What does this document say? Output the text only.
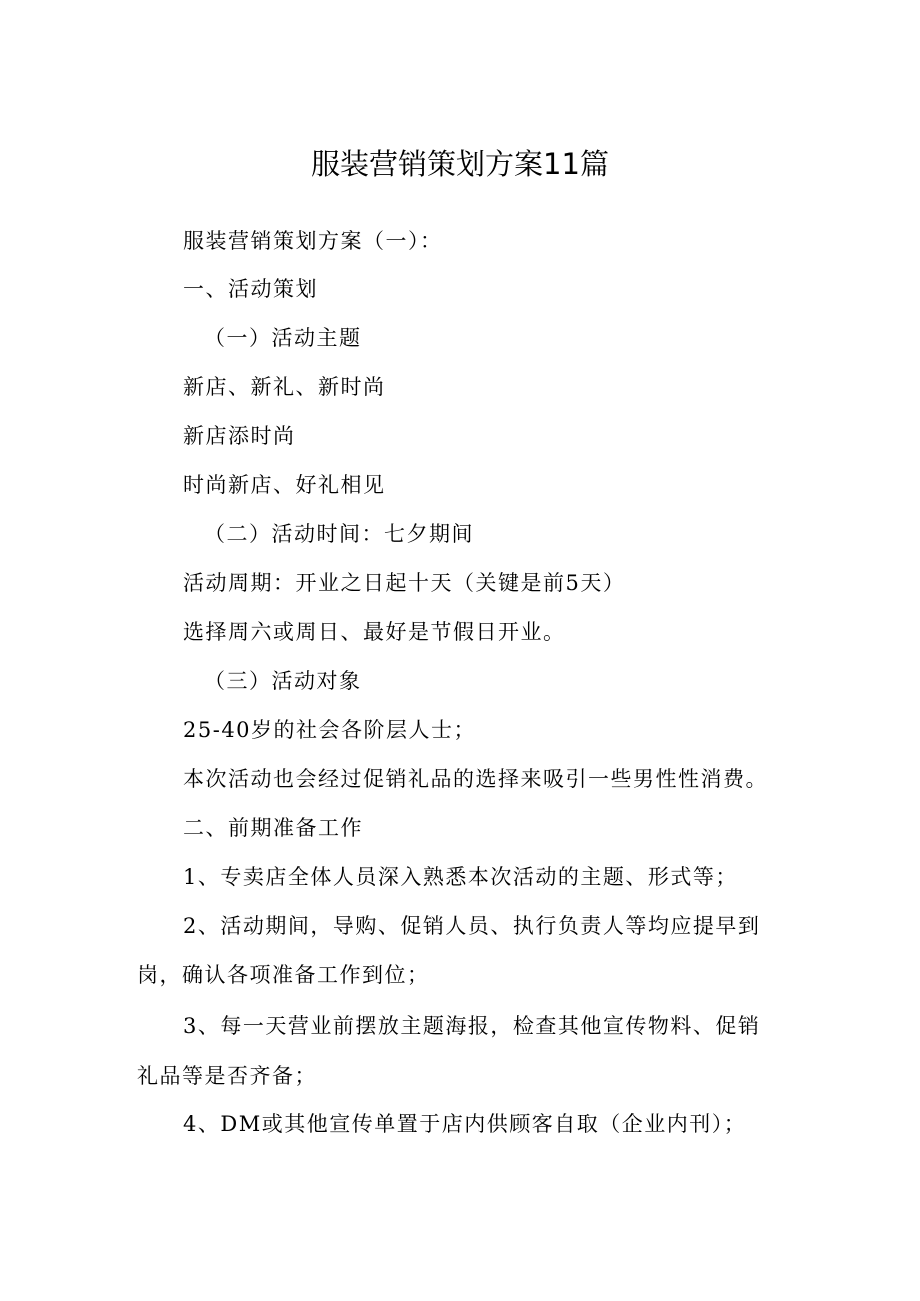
服装营销策划方案11篇
服装营销策划方案（一）：
一、活动策划
（一）活动主题
新店、新礼、新时尚
新店添时尚
时尚新店、好礼相见
（二）活动时间：七夕期间
活动周期：开业之日起十天（关键是前5天）
选择周六或周日、最好是节假日开业。
（三）活动对象
25-40岁的社会各阶层人士；
本次活动也会经过促销礼品的选择来吸引一些男性性消费。
二、前期准备工作
1、专卖店全体人员深入熟悉本次活动的主题、形式等；
2、活动期间，导购、促销人员、执行负责人等均应提早到
岗，确认各项准备工作到位；
3、每一天营业前摆放主题海报，检查其他宣传物料、促销
礼品等是否齐备；
4、DM或其他宣传单置于店内供顾客自取（企业内刊）；
